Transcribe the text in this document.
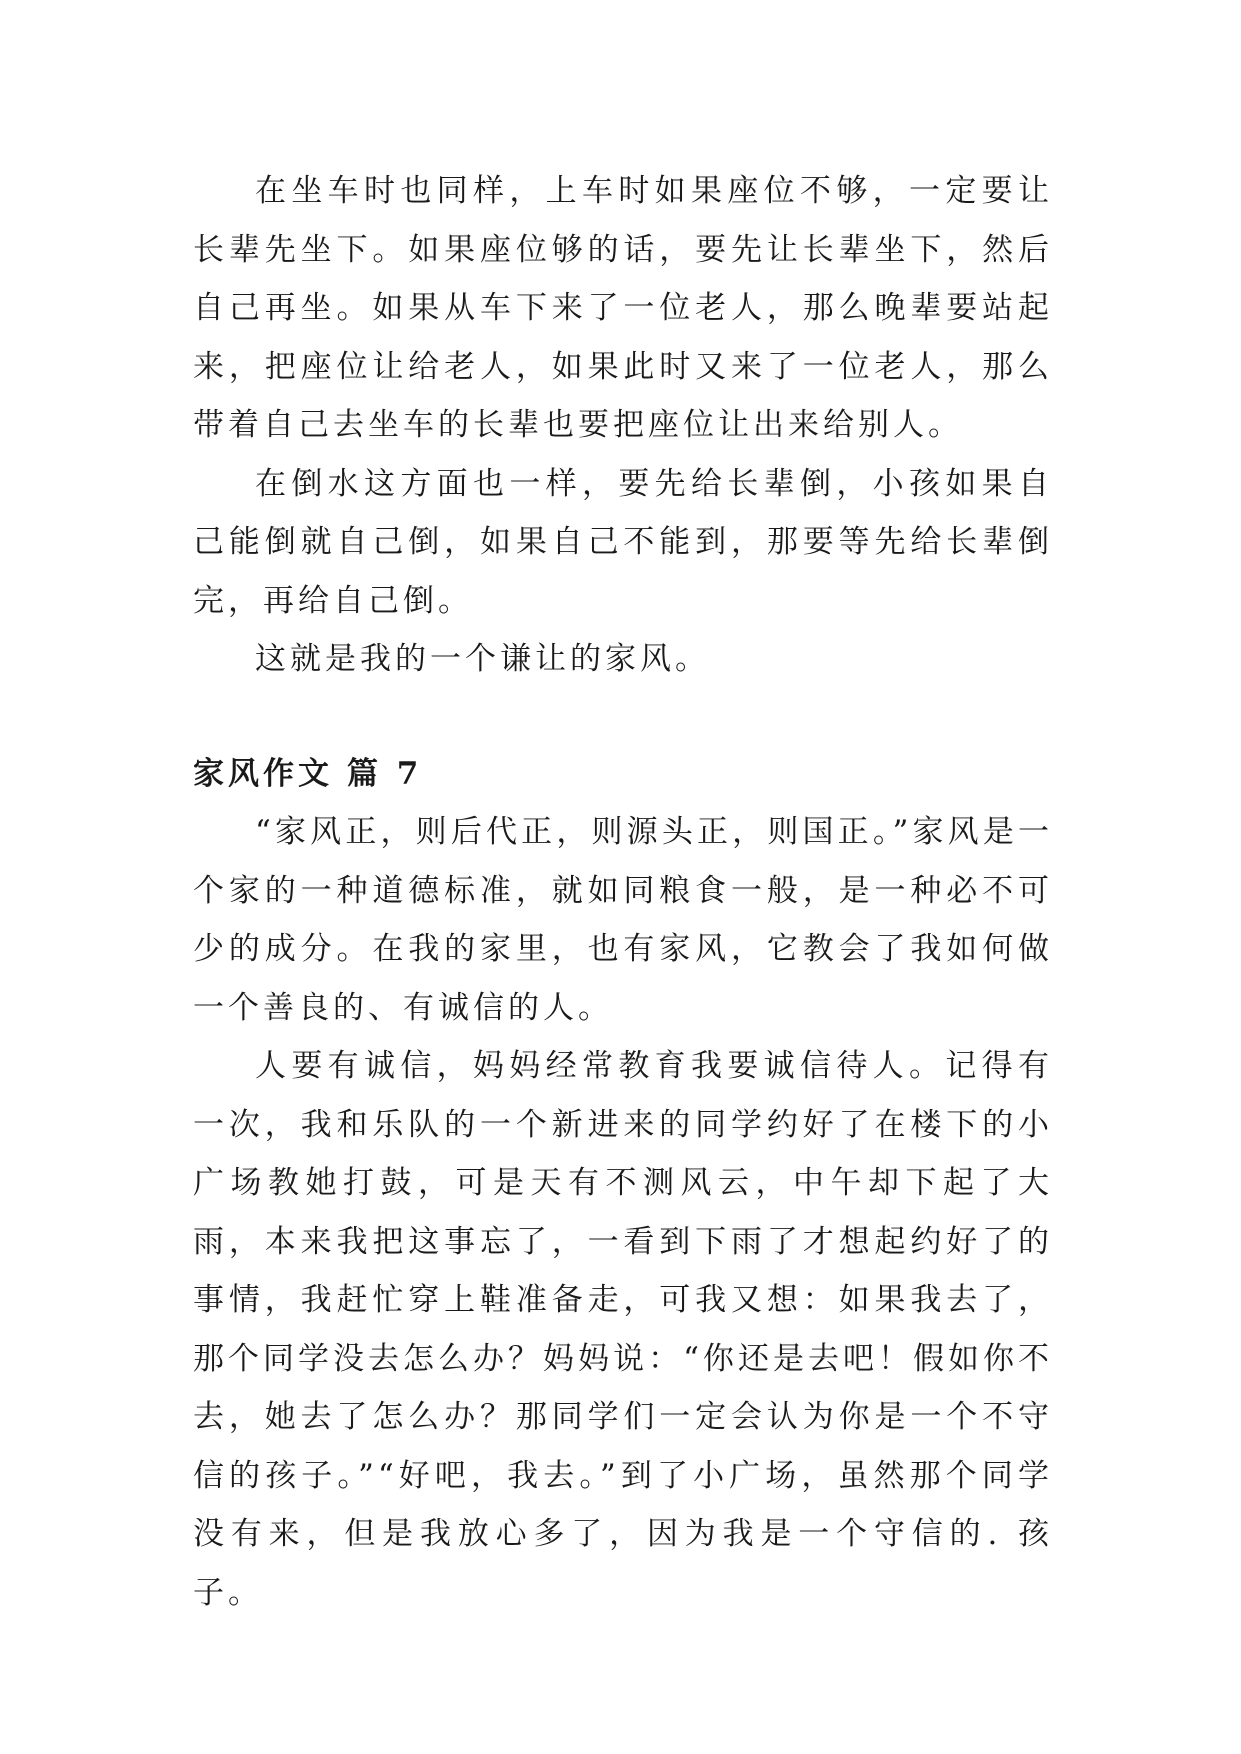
在坐车时也同样，上车时如果座位不够，一定要让长辈先坐下。如果座位够的话，要先让长辈坐下，然后自己再坐。如果从车下来了一位老人，那么晚辈要站起来，把座位让给老人，如果此时又来了一位老人，那么带着自己去坐车的长辈也要把座位让出来给别人。

在倒水这方面也一样，要先给长辈倒，小孩如果自己能倒就自己倒，如果自己不能到，那要等先给长辈倒完，再给自己倒。

这就是我的一个谦让的家风。

家风作文 篇 7

“家风正，则后代正，则源头正，则国正。”家风是一个家的一种道德标准，就如同粮食一般，是一种必不可少的成分。在我的家里，也有家风，它教会了我如何做一个善良的、有诚信的人。

人要有诚信，妈妈经常教育我要诚信待人。记得有一次，我和乐队的一个新进来的同学约好了在楼下的小广场教她打鼓，可是天有不测风云，中午却下起了大雨，本来我把这事忘了，一看到下雨了才想起约好了的事情，我赶忙穿上鞋准备走，可我又想：如果我去了，那个同学没去怎么办？妈妈说：“你还是去吧！假如你不去，她去了怎么办？那同学们一定会认为你是一个不守信的孩子。”“好吧，我去。”到了小广场，虽然那个同学没有来，但是我放心多了，因为我是一个守信的. 孩子。
